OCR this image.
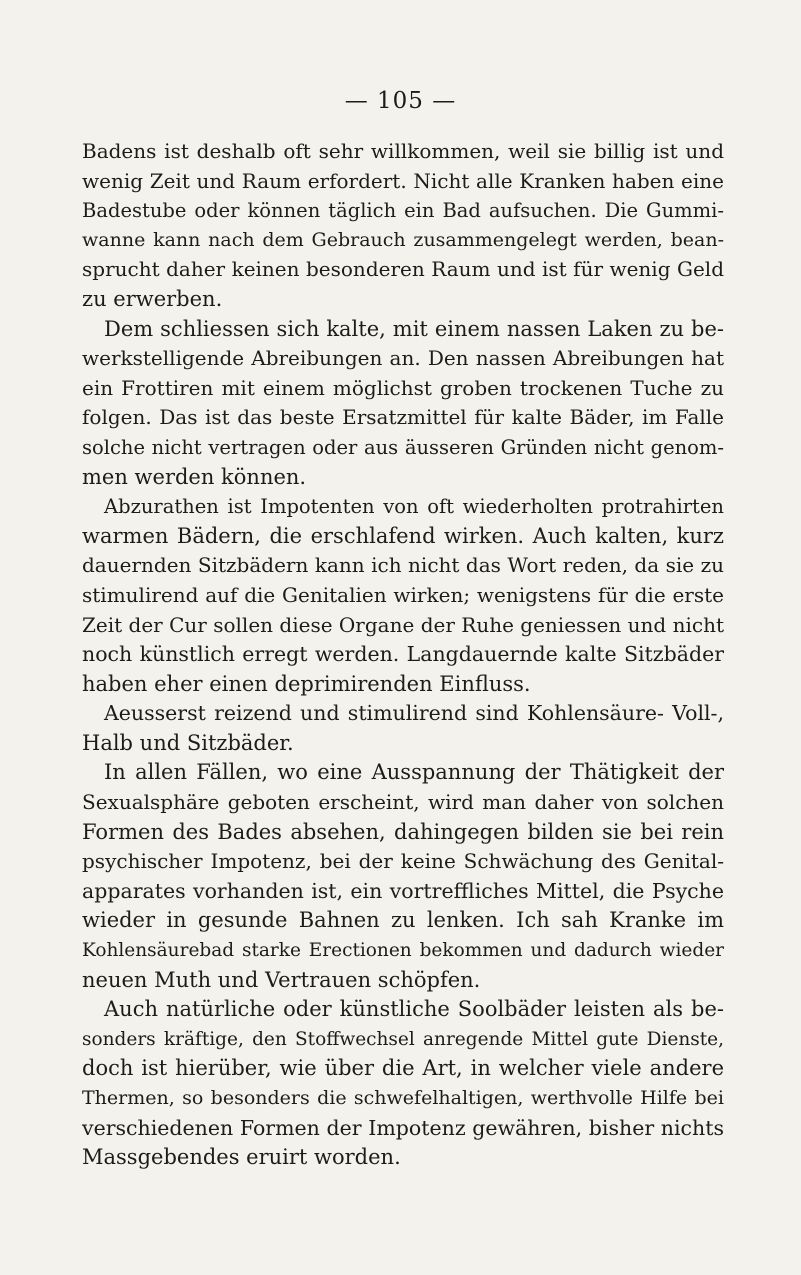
— 105 —
Badens ist deshalb oft sehr willkommen, weil sie billig ist und
wenig Zeit und Raum erfordert. Nicht alle Kranken haben eine
Badestube oder können täglich ein Bad aufsuchen. Die Gummi-
wanne kann nach dem Gebrauch zusammengelegt werden, bean-
sprucht daher keinen besonderen Raum und ist für wenig Geld
zu erwerben.
Dem schliessen sich kalte, mit einem nassen Laken zu be-
werkstelligende Abreibungen an. Den nassen Abreibungen hat
ein Frottiren mit einem möglichst groben trockenen Tuche zu
folgen. Das ist das beste Ersatzmittel für kalte Bäder, im Falle
solche nicht vertragen oder aus äusseren Gründen nicht genom-
men werden können.
Abzurathen ist Impotenten von oft wiederholten protrahirten
warmen Bädern, die erschlafend wirken. Auch kalten, kurz
dauernden Sitzbädern kann ich nicht das Wort reden, da sie zu
stimulirend auf die Genitalien wirken; wenigstens für die erste
Zeit der Cur sollen diese Organe der Ruhe geniessen und nicht
noch künstlich erregt werden. Langdauernde kalte Sitzbäder
haben eher einen deprimirenden Einfluss.
Aeusserst reizend und stimulirend sind Kohlensäure- Voll-,
Halb und Sitzbäder.
In allen Fällen, wo eine Ausspannung der Thätigkeit der
Sexualsphäre geboten erscheint, wird man daher von solchen
Formen des Bades absehen, dahingegen bilden sie bei rein
psychischer Impotenz, bei der keine Schwächung des Genital-
apparates vorhanden ist, ein vortreffliches Mittel, die Psyche
wieder in gesunde Bahnen zu lenken. Ich sah Kranke im
Kohlensäurebad starke Erectionen bekommen und dadurch wieder
neuen Muth und Vertrauen schöpfen.
Auch natürliche oder künstliche Soolbäder leisten als be-
sonders kräftige, den Stoffwechsel anregende Mittel gute Dienste,
doch ist hierüber, wie über die Art, in welcher viele andere
Thermen, so besonders die schwefelhaltigen, werthvolle Hilfe bei
verschiedenen Formen der Impotenz gewähren, bisher nichts
Massgebendes eruirt worden.
